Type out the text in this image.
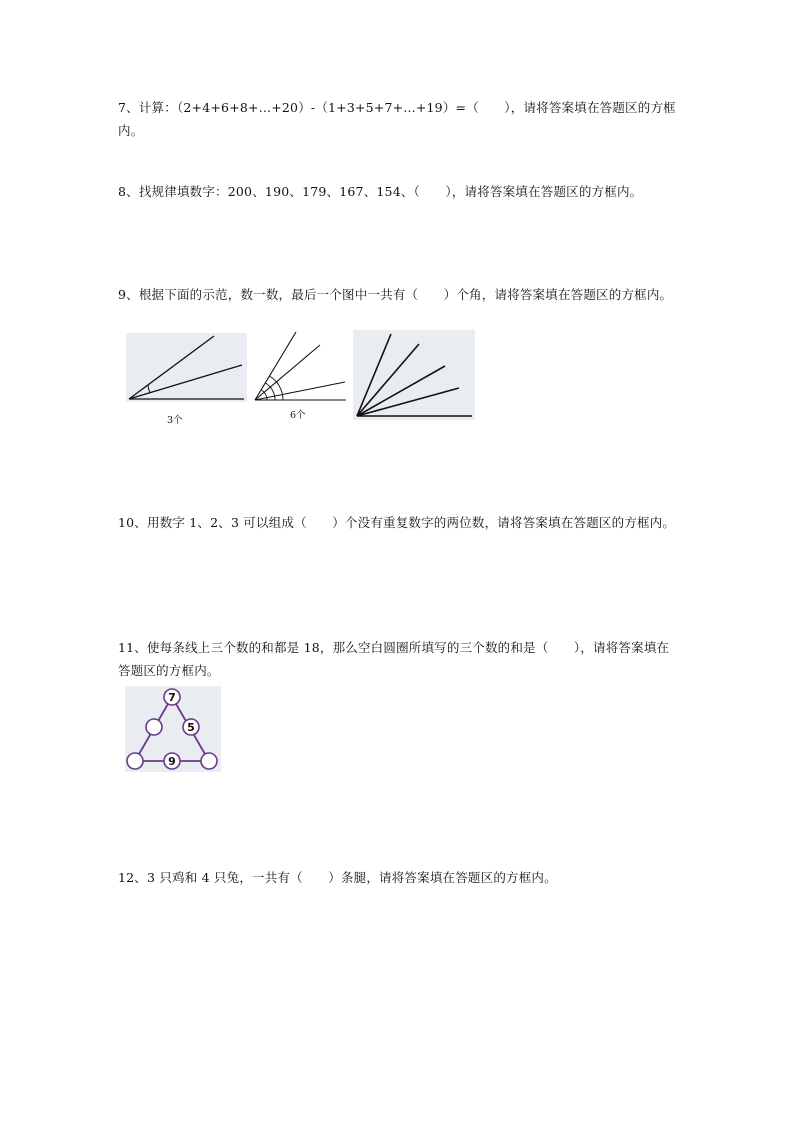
7、计算：（2+4+6+8+...+20）-（1+3+5+7+...+19）=（　　），请将答案填在答题区的方框内。
8、找规律填数字：200、190、179、167、154、（　　），请将答案填在答题区的方框内。
9、根据下面的示范，数一数，最后一个图中一共有（　　）个角，请将答案填在答题区的方框内。
3个	6个
10、用数字 1、2、3 可以组成（　　）个没有重复数字的两位数，请将答案填在答题区的方框内。
11、使每条线上三个数的和都是 18，那么空白圆圈所填写的三个数的和是（　　），请将答案填在答题区的方框内。
7
5
9
12、3 只鸡和 4 只兔，一共有（　　）条腿，请将答案填在答题区的方框内。
